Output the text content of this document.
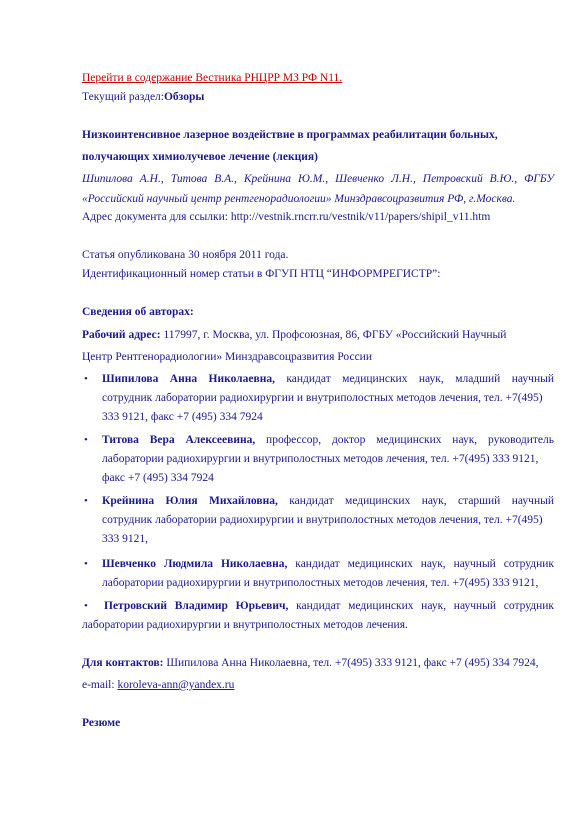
Перейти в содержание Вестника РНЦРР МЗ РФ N11.
Текущий раздел:Обзоры
Низкоинтенсивное лазерное воздействие в программах реабилитации больных,
получающих химиолучевое лечение (лекция)
Шипилова А.Н., Титова В.А., Крейнина Ю.М., Шевченко Л.Н., Петровский В.Ю., ФГБУ
«Российский научный центр рентгенорадиологии» Минздравсоцразвития РФ, г.Москва.
Адрес документа для ссылки: http://vestnik.rncrr.ru/vestnik/v11/papers/shipil_v11.htm
Статья опубликована 30 ноября 2011 года.
Идентификационный номер статьи в ФГУП НТЦ “ИНФОРМРЕГИСТР”:
Сведения об авторах:
Рабочий адрес: 117997, г. Москва, ул. Профсоюзная, 86, ФГБУ «Российский Научный
Центр Рентгенорадиологии» Минздравсоцразвития России
• Шипилова Анна Николаевна, кандидат медицинских наук, младший научный
сотрудник лаборатории радиохирургии и внутриполостных методов лечения, тел. +7(495)
333 9121, факс +7 (495) 334 7924
• Титова Вера Алексеевина, профессор, доктор медицинских наук, руководитель
лаборатории радиохирургии и внутриполостных методов лечения, тел. +7(495) 333 9121,
факс +7 (495) 334 7924
• Крейнина Юлия Михайловна, кандидат медицинских наук, старший научный
сотрудник лаборатории радиохирургии и внутриполостных методов лечения, тел. +7(495)
333 9121,
• Шевченко Людмила Николаевна, кандидат медицинских наук, научный сотрудник
лаборатории радиохирургии и внутриполостных методов лечения, тел. +7(495) 333 9121,
• Петровский Владимир Юрьевич, кандидат медицинских наук, научный сотрудник
лаборатории радиохирургии и внутриполостных методов лечения.
Для контактов: Шипилова Анна Николаевна, тел. +7(495) 333 9121, факс +7 (495) 334 7924,
e-mail: koroleva-ann@yandex.ru
Резюме
